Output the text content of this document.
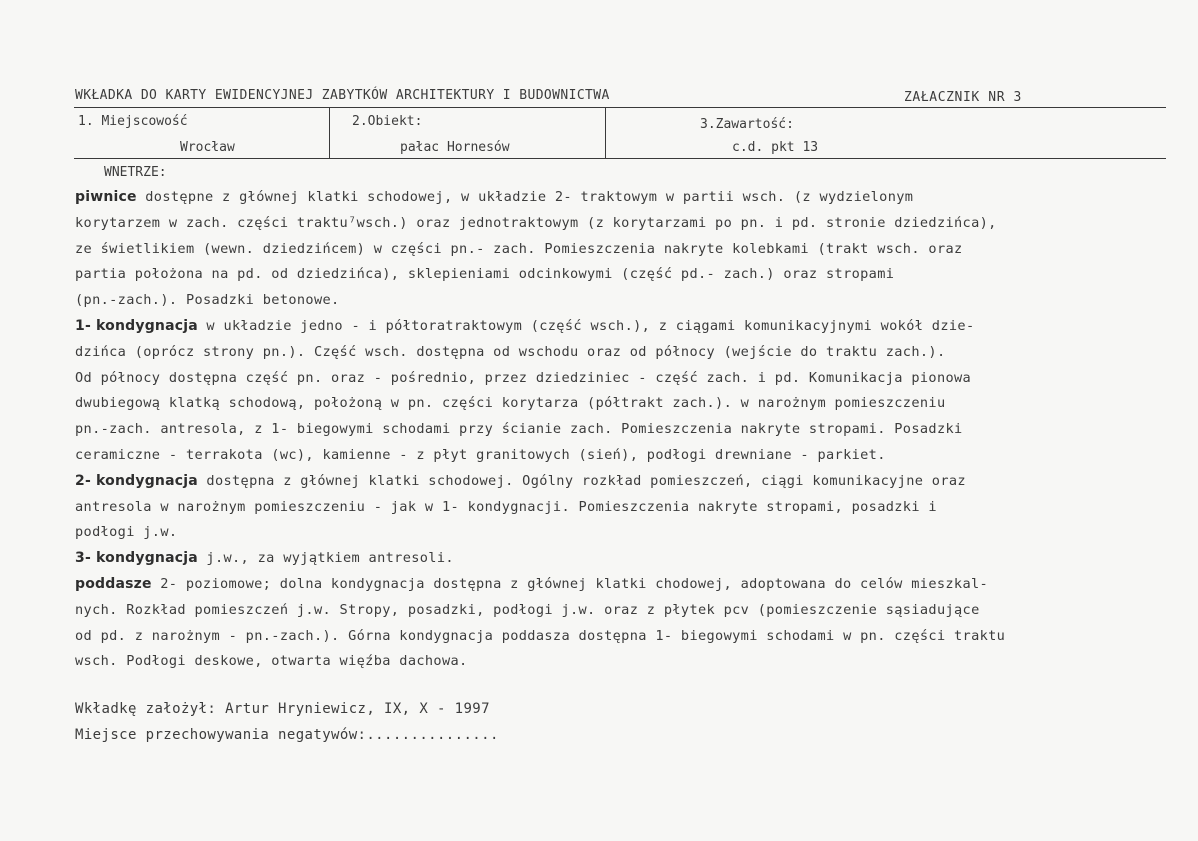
WKŁADKA DO KARTY EWIDENCYJNEJ ZABYTKÓW ARCHITEKTURY I BUDOWNICTWA	ZAŁACZNIK NR 3
1. Miejscowość
Wrocław
2.Obiekt:
pałac Hornesów
3.Zawartość:
c.d. pkt 13
WNETRZE:
piwnice dostępne z głównej klatki schodowej, w układzie 2- traktowym w partii wsch. (z wydzielonym
korytarzem w zach. części traktu⁷wsch.) oraz jednotraktowym (z korytarzami po pn. i pd. stronie dziedzińca),
ze świetlikiem (wewn. dziedzińcem) w części pn.- zach. Pomieszczenia nakryte kolebkami (trakt wsch. oraz
partia położona na pd. od dziedzińca), sklepieniami odcinkowymi (część pd.- zach.) oraz stropami
(pn.-zach.). Posadzki betonowe.
1- kondygnacja w układzie jedno - i półtoratraktowym (część wsch.), z ciągami komunikacyjnymi wokół dzie-
dzińca (oprócz strony pn.). Część wsch. dostępna od wschodu oraz od północy (wejście do traktu zach.).
Od północy dostępna część pn. oraz - pośrednio, przez dziedziniec - część zach. i pd. Komunikacja pionowa
dwubiegową klatką schodową, położoną w pn. części korytarza (półtrakt zach.). w narożnym pomieszczeniu
pn.-zach. antresola, z 1- biegowymi schodami przy ścianie zach. Pomieszczenia nakryte stropami. Posadzki
ceramiczne - terrakota (wc), kamienne - z płyt granitowych (sień), podłogi drewniane - parkiet.
2- kondygnacja dostępna z głównej klatki schodowej. Ogólny rozkład pomieszczeń, ciągi komunikacyjne oraz
antresola w narożnym pomieszczeniu - jak w 1- kondygnacji. Pomieszczenia nakryte stropami, posadzki i
podłogi j.w.
3- kondygnacja j.w., za wyjątkiem antresoli.
poddasze 2- poziomowe; dolna kondygnacja dostępna z głównej klatki chodowej, adoptowana do celów mieszkal-
nych. Rozkład pomieszczeń j.w. Stropy, posadzki, podłogi j.w. oraz z płytek pcv (pomieszczenie sąsiadujące
od pd. z narożnym - pn.-zach.). Górna kondygnacja poddasza dostępna 1- biegowymi schodami w pn. części traktu
wsch. Podłogi deskowe, otwarta więźba dachowa.
Wkładkę założył: Artur Hryniewicz, IX, X - 1997
Miejsce przechowywania negatywów:...............
